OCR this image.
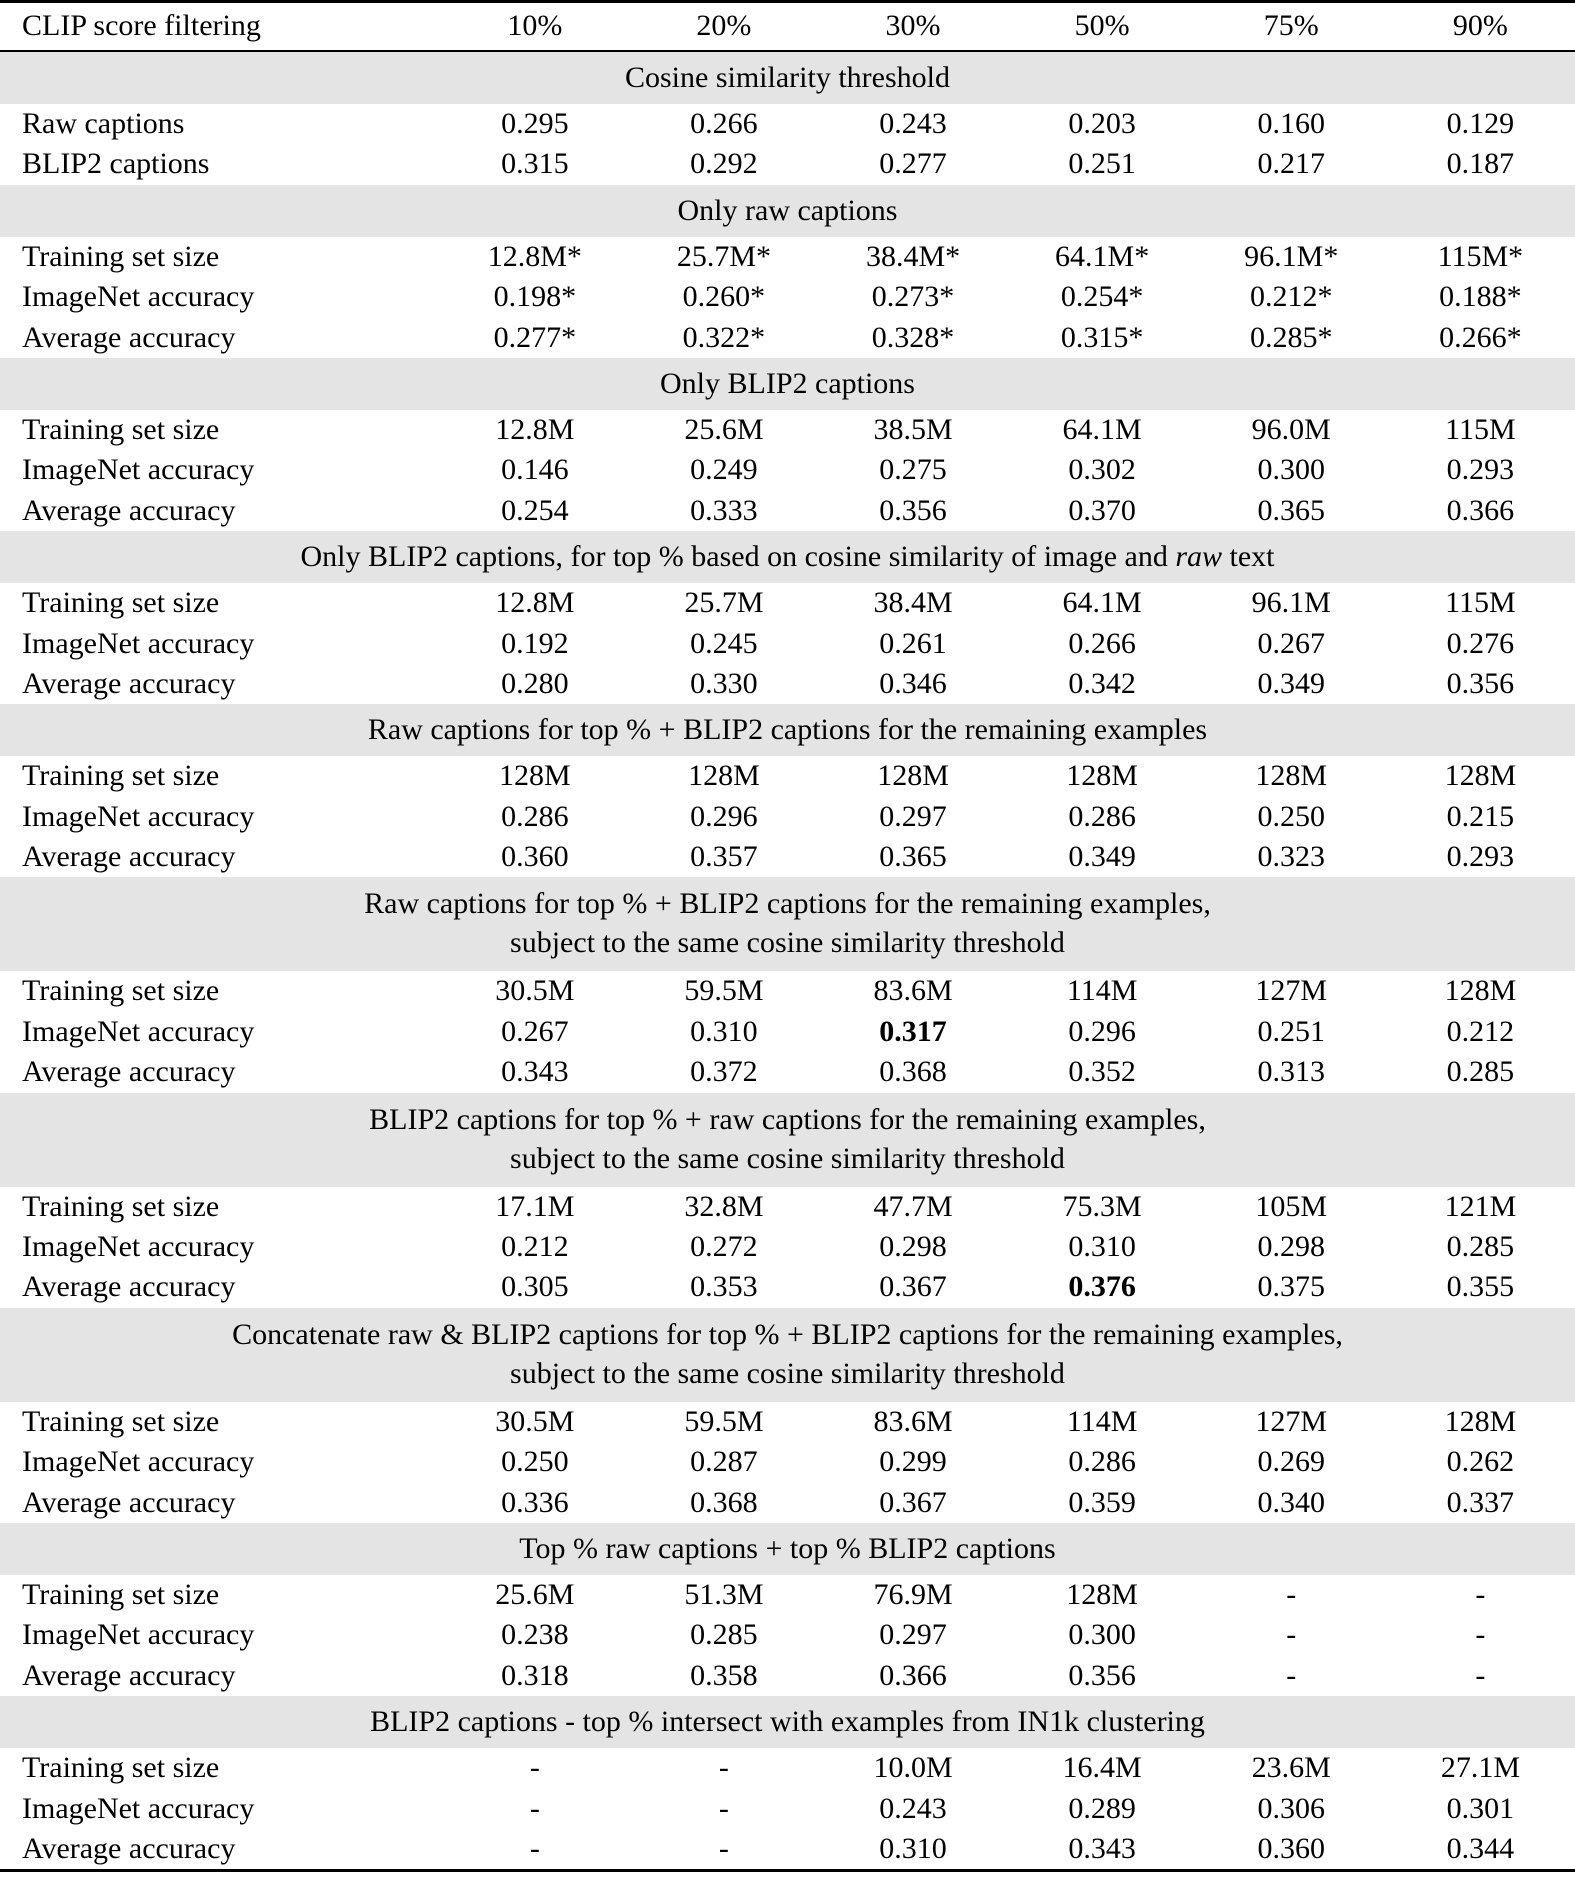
CLIP score filtering	10%	20%	30%	50%	75%	90%

Cosine similarity threshold						

Raw captions	0.295	0.266	0.243	0.203	0.160	0.129
BLIP2 captions	0.315	0.292	0.277	0.251	0.217	0.187

Only raw captions						

Training set size	12.8M*	25.7M*	38.4M*	64.1M*	96.1M*	115M*
ImageNet accuracy	0.198*	0.260*	0.273*	0.254*	0.212*	0.188*
Average accuracy	0.277*	0.322*	0.328*	0.315*	0.285*	0.266*

Only BLIP2 captions						

Training set size	12.8M	25.6M	38.5M	64.1M	96.0M	115M
ImageNet accuracy	0.146	0.249	0.275	0.302	0.300	0.293
Average accuracy	0.254	0.333	0.356	0.370	0.365	0.366

Only BLIP2 captions, for top % based on cosine similarity of image and raw text						

Training set size	12.8M	25.7M	38.4M	64.1M	96.1M	115M
ImageNet accuracy	0.192	0.245	0.261	0.266	0.267	0.276
Average accuracy	0.280	0.330	0.346	0.342	0.349	0.356

Raw captions for top % + BLIP2 captions for the remaining examples						

Training set size	128M	128M	128M	128M	128M	128M
ImageNet accuracy	0.286	0.296	0.297	0.286	0.250	0.215
Average accuracy	0.360	0.357	0.365	0.349	0.323	0.293

Raw captions for top % + BLIP2 captions for the remaining examples,
subject to the same cosine similarity threshold						

Training set size	30.5M	59.5M	83.6M	114M	127M	128M
ImageNet accuracy	0.267	0.310	0.317	0.296	0.251	0.212
Average accuracy	0.343	0.372	0.368	0.352	0.313	0.285

BLIP2 captions for top % + raw captions for the remaining examples,
subject to the same cosine similarity threshold						

Training set size	17.1M	32.8M	47.7M	75.3M	105M	121M
ImageNet accuracy	0.212	0.272	0.298	0.310	0.298	0.285
Average accuracy	0.305	0.353	0.367	0.376	0.375	0.355

Concatenate raw & BLIP2 captions for top % + BLIP2 captions for the remaining examples,
subject to the same cosine similarity threshold						

Training set size	30.5M	59.5M	83.6M	114M	127M	128M
ImageNet accuracy	0.250	0.287	0.299	0.286	0.269	0.262
Average accuracy	0.336	0.368	0.367	0.359	0.340	0.337

Top % raw captions + top % BLIP2 captions						

Training set size	25.6M	51.3M	76.9M	128M	-	-
ImageNet accuracy	0.238	0.285	0.297	0.300	-	-
Average accuracy	0.318	0.358	0.366	0.356	-	-

BLIP2 captions - top % intersect with examples from IN1k clustering						

Training set size	-	-	10.0M	16.4M	23.6M	27.1M
ImageNet accuracy	-	-	0.243	0.289	0.306	0.301
Average accuracy	-	-	0.310	0.343	0.360	0.344
